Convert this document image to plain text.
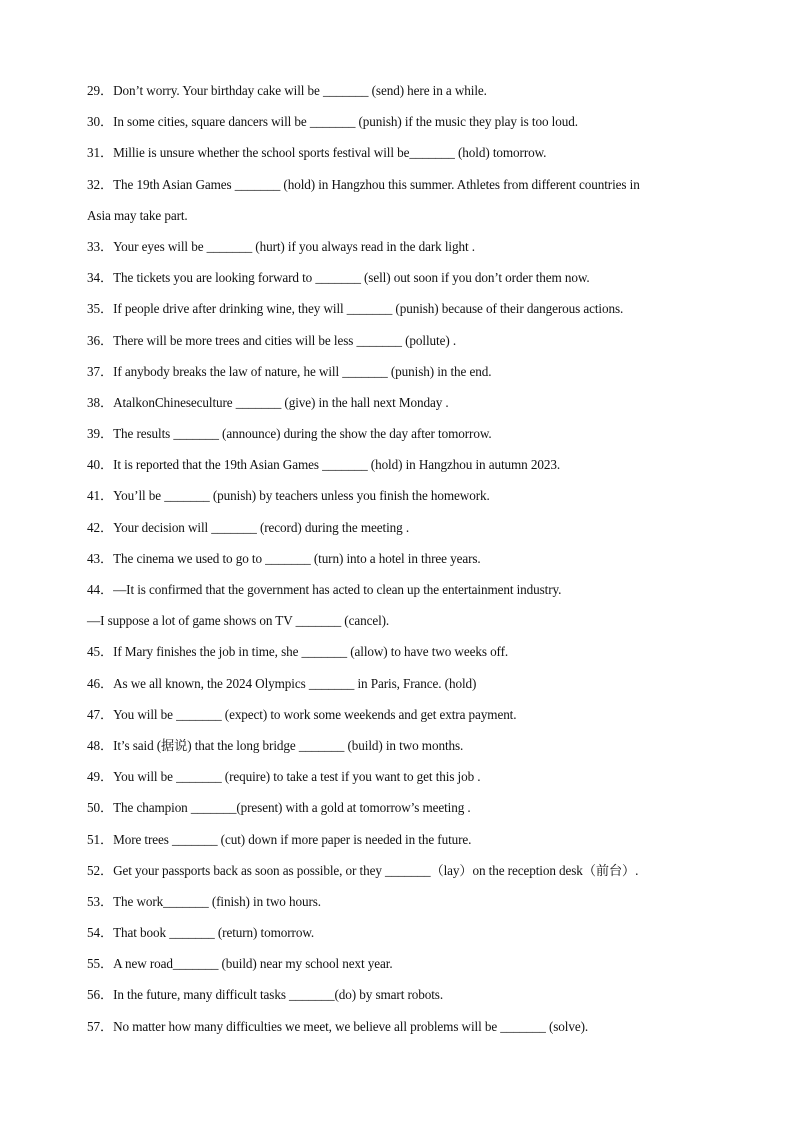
29．Don’t worry. Your birthday cake will be _______ (send) here in a while.
30．In some cities, square dancers will be _______ (punish) if the music they play is too loud.
31．Millie is unsure whether the school sports festival will be_______ (hold) tomorrow.
32．The 19th Asian Games _______ (hold) in Hangzhou this summer. Athletes from different countries in
Asia may take part.
33．Your eyes will be _______ (hurt) if you always read in the dark light .
34．The tickets you are looking forward to _______ (sell) out soon if you don’t order them now.
35．If people drive after drinking wine, they will _______ (punish) because of their dangerous actions.
36．There will be more trees and cities will be less _______ (pollute) .
37．If anybody breaks the law of nature, he will _______ (punish) in the end.
38．AtalkonChineseculture _______ (give) in the hall next Monday .
39．The results _______ (announce) during the show the day after tomorrow.
40．It is reported that the 19th Asian Games _______ (hold) in Hangzhou in autumn 2023.
41．You’ll be _______ (punish) by teachers unless you finish the homework.
42．Your decision will _______ (record) during the meeting .
43．The cinema we used to go to _______ (turn) into a hotel in three years.
44．—It is confirmed that the government has acted to clean up the entertainment industry.
—I suppose a lot of game shows on TV _______ (cancel).
45．If Mary finishes the job in time, she _______ (allow) to have two weeks off.
46．As we all known, the 2024 Olympics _______ in Paris, France. (hold)
47．You will be _______ (expect) to work some weekends and get extra payment.
48．It’s said (据说) that the long bridge _______ (build) in two months.
49．You will be _______ (require) to take a test if you want to get this job .
50．The champion _______(present) with a gold at tomorrow’s meeting .
51．More trees _______ (cut) down if more paper is needed in the future.
52．Get your passports back as soon as possible, or they _______（lay）on the reception desk（前台）.
53．The work_______ (finish) in two hours.
54．That book _______ (return) tomorrow.
55．A new road_______ (build) near my school next year.
56．In the future, many difficult tasks _______(do) by smart robots.
57．No matter how many difficulties we meet, we believe all problems will be _______ (solve).
